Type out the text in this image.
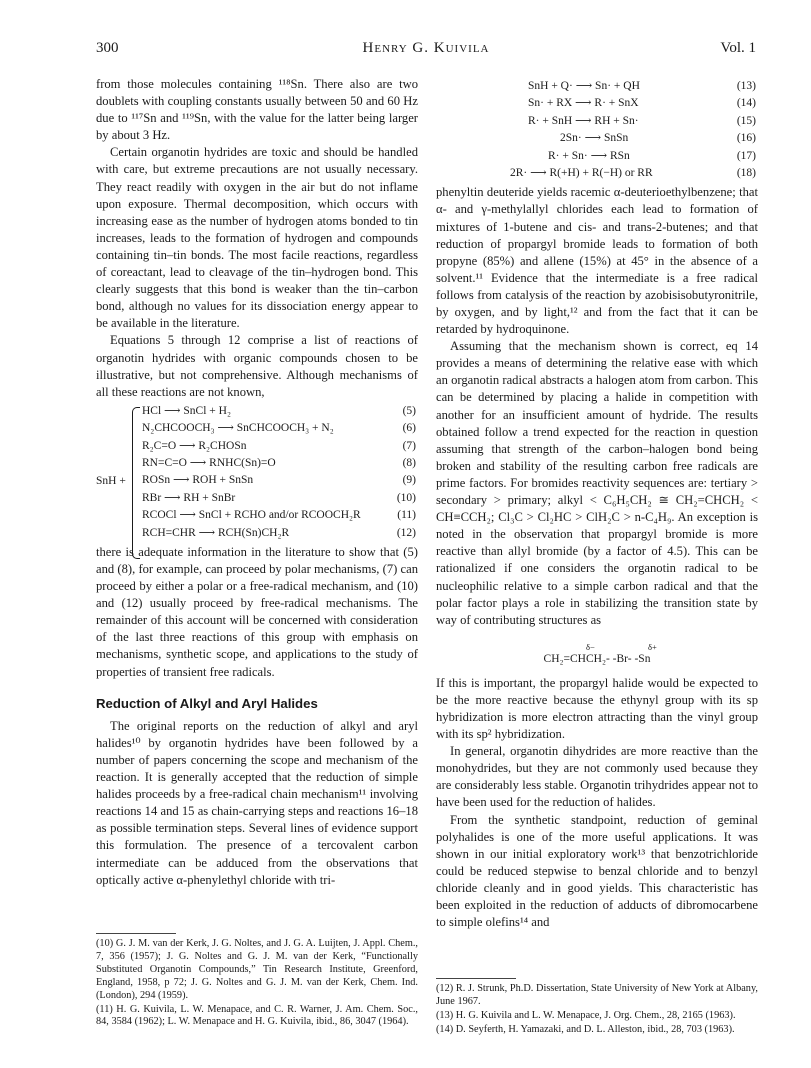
300	Henry G. Kuivila	Vol. 1

from those molecules containing ¹¹⁸Sn. There also are two doublets with coupling constants usually between 50 and 60 Hz due to ¹¹⁷Sn and ¹¹⁹Sn, with the value for the latter being larger by about 3 Hz.

Certain organotin hydrides are toxic and should be handled with care, but extreme precautions are not usually necessary. They react readily with oxygen in the air but do not inflame upon exposure. Thermal decomposition, which occurs with increasing ease as the number of hydrogen atoms bonded to tin increases, leads to the formation of hydrogen and compounds containing tin–tin bonds. The most facile reactions, regardless of coreactant, lead to cleavage of the tin–hydrogen bond. This clearly suggests that this bond is weaker than the tin–carbon bond, although no values for its dissociation energy appear to be available in the literature.

Equations 5 through 12 comprise a list of reactions of organotin hydrides with organic compounds chosen to be illustrative, but not comprehensive. Although mechanisms of all these reactions are not known,

SnH +
HCl ⟶ SnCl + H₂	(5)
N₂CHCOOCH₃ ⟶ SnCHCOOCH₃ + N₂	(6)
R₂C=O ⟶ R₂CHOSn	(7)
RN=C=O ⟶ RNHC(Sn)=O	(8)
ROSn ⟶ ROH + SnSn	(9)
RBr ⟶ RH + SnBr	(10)
RCOCl ⟶ SnCl + RCHO and/or RCOOCH₂R	(11)
RCH=CHR ⟶ RCH(Sn)CH₂R	(12)

there is adequate information in the literature to show that (5) and (8), for example, can proceed by polar mechanisms, (7) can proceed by either a polar or a free-radical mechanism, and (10) and (12) usually proceed by free-radical mechanisms. The remainder of this account will be concerned with consideration of the last three reactions of this group with emphasis on mechanisms, synthetic scope, and applications to the study of properties of transient free radicals.

Reduction of Alkyl and Aryl Halides

The original reports on the reduction of alkyl and aryl halides¹⁰ by organotin hydrides have been followed by a number of papers concerning the scope and mechanism of the reaction. It is generally accepted that the reduction of simple halides proceeds by a free-radical chain mechanism¹¹ involving reactions 14 and 15 as chain-carrying steps and reactions 16–18 as possible termination steps. Several lines of evidence support this formulation. The presence of a tercovalent carbon intermediate can be adduced from the observations that optically active α-phenylethyl chloride with tri-

(10) G. J. M. van der Kerk, J. G. Noltes, and J. G. A. Luijten, J. Appl. Chem., 7, 356 (1957); J. G. Noltes and G. J. M. van der Kerk, “Functionally Substituted Organotin Compounds,” Tin Research Institute, Greenford, England, 1958, p 72; J. G. Noltes and G. J. M. van der Kerk, Chem. Ind. (London), 294 (1959).

(11) H. G. Kuivila, L. W. Menapace, and C. R. Warner, J. Am. Chem. Soc., 84, 3584 (1962); L. W. Menapace and H. G. Kuivila, ibid., 86, 3047 (1964).

SnH + Q· ⟶ Sn· + QH	(13)
Sn· + RX ⟶ R· + SnX	(14)
R· + SnH ⟶ RH + Sn·	(15)
2Sn· ⟶ SnSn	(16)
R· + Sn· ⟶ RSn	(17)
2R· ⟶ R(+H) + R(−H) or RR	(18)

phenyltin deuteride yields racemic α-deuterioethylbenzene; that α- and γ-methylallyl chlorides each lead to formation of mixtures of 1-butene and cis- and trans-2-butenes; and that reduction of propargyl bromide leads to formation of both propyne (85%) and allene (15%) at 45° in the absence of a solvent.¹¹ Evidence that the intermediate is a free radical follows from catalysis of the reaction by azobisisobutyronitrile, by oxygen, and by light,¹² and from the fact that it can be retarded by hydroquinone.

Assuming that the mechanism shown is correct, eq 14 provides a means of determining the relative ease with which an organotin radical abstracts a halogen atom from carbon. This can be determined by placing a halide in competition with another for an insufficient amount of hydride. The results obtained follow a trend expected for the reaction in question assuming that strength of the carbon–halogen bond being broken and stability of the resulting carbon free radicals are prime factors. For bromides reactivity sequences are: tertiary > secondary > primary; alkyl < C₆H₅CH₂ ≅ CH₂=CHCH₂ < CH≡CCH₂; Cl₃C > Cl₂HC > ClH₂C > n-C₄H₉. An exception is noted in the observation that propargyl bromide is more reactive than allyl bromide (by a factor of 4.5). This can be rationalized if one considers the organotin radical to be nucleophilic relative to a simple carbon radical and that the polar factor plays a role in stabilizing the transition state by way of contributing structures as

δ−	δ+
CH₂=CHCH₂- -Br- -Sn

If this is important, the propargyl halide would be expected to be the more reactive because the ethynyl group with its sp hybridization is more electron attracting than the vinyl group with its sp² hybridization.

In general, organotin dihydrides are more reactive than the monohydrides, but they are not commonly used because they are considerably less stable. Organotin trihydrides appear not to have been used for the reduction of halides.

From the synthetic standpoint, reduction of geminal polyhalides is one of the more useful applications. It was shown in our initial exploratory work¹³ that benzotrichloride could be reduced stepwise to benzal chloride and to benzyl chloride cleanly and in good yields. This characteristic has been exploited in the reduction of adducts of dibromocarbene to simple olefins¹⁴ and

(12) R. J. Strunk, Ph.D. Dissertation, State University of New York at Albany, June 1967.

(13) H. G. Kuivila and L. W. Menapace, J. Org. Chem., 28, 2165 (1963).

(14) D. Seyferth, H. Yamazaki, and D. L. Alleston, ibid., 28, 703 (1963).
